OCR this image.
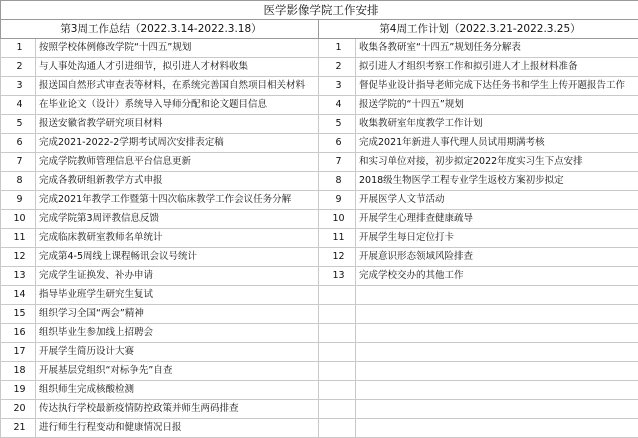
医学影像学院工作安排			
第3周工作总结（2022.3.14-2022.3.18）		第4周工作计划（2022.3.21-2022.3.25）	
1	按照学校体例修改学院“十四五”规划	1	收集各教研室“十四五”规划任务分解表
2	与人事处沟通人才引进细节，拟引进人才材料收集	2	拟引进人才组织考察工作和拟引进人才上报材料准备
3	报送国自然形式审查表等材料，在系统完善国自然项目相关材料	3	督促毕业设计指导老师完成下达任务书和学生上传开题报告工作
4	在毕业论文（设计）系统导入导师分配和论文题目信息	4	报送学院的“十四五”规划
5	报送安徽省教学研究项目材料	5	收集教研室年度教学工作计划
6	完成2021-2022-2学期考试周次安排表定稿	6	完成2021年新进人事代理人员试用期满考核
7	完成学院教师管理信息平台信息更新	7	和实习单位对接，初步拟定2022年度实习生下点安排
8	完成各教研组新教学方式申报	8	2018级生物医学工程专业学生返校方案初步拟定
9	完成2021年教学工作暨第十四次临床教学工作会议任务分解	9	开展医学人文节活动
10	完成学院第3周评教信息反馈	10	开展学生心理排查健康疏导
11	完成临床教研室教师名单统计	11	开展学生每日定位打卡
12	完成第4-5周线上课程畅讯会议号统计	12	开展意识形态领域风险排查
13	完成学生证换发、补办申请	13	完成学校交办的其他工作
14	指导毕业班学生研究生复试		
15	组织学习全国“两会”精神		
16	组织毕业生参加线上招聘会		
17	开展学生简历设计大赛		
18	开展基层党组织“对标争先”自查		
19	组织师生完成核酸检测		
20	传达执行学校最新疫情防控政策并师生两码排查		
21	进行师生行程变动和健康情况日报		
